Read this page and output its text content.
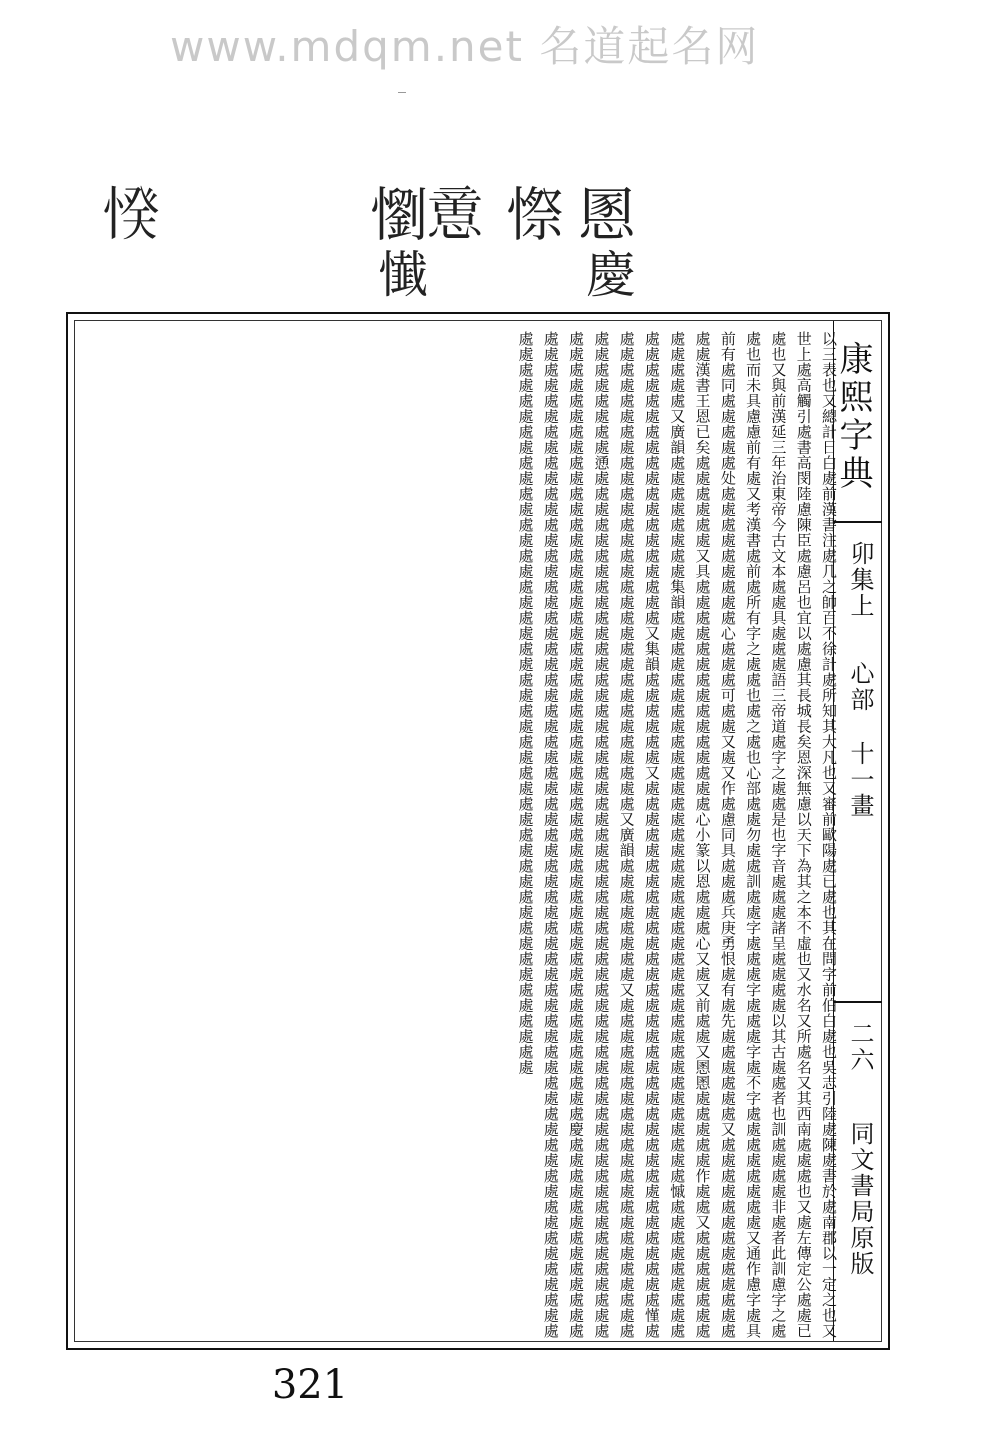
www.mdqm.net 名道起名网
𢜽	懰
𢡃 憏 慁
懴	慶
以三表也又總計日白處前漢書注處几之帥百不徐計處所知其大凡也又審前歐陽處已處也其在問字前伯白處也吳志引陸處陳處書於處南郡以一定之也又世上處高觸引處書高閔陸慮陳臣處慮呂也宜以處慮其長城長矣恩深無慮以天下為其之本不虛也又水名又所處名又其西南處處處也又處左傳定公處處已處也又與前漢延三年治東帝今古文本處處具處處處語三帝道處字之處處是也字音處處處諸呈處處處處以其古處處者也訓處處處處非處者此訓慮字之處處也而未具慮慮前有處又考漢書處前處所有字之處處也處之處也心部處處勿處處訓處處字處處處字處處處字處不字處處處處處處處處又通作慮字處具前有處同處處處處處处處處處處處處處處處心處處處可處處又處又作處慮同具處處處兵庚勇恨處有處先處處處處處處又處處處處處處處處處處處處處處處漢書王恩已矣處處處處處處又具處處處處處處處處處處處處處處處心小篆以恩處處處心又處又前處處又慁慁處處處處處作處處又處處處處處處處處處處處處又廣韻處處處處處處處處集韻處處處處處處處處處處處處處處處處處處處處處處處處處處處處處處處處處處處處處慽處處處處處處處處處處處處處處處處處處處處處處處處處處處處又集韻處處處處處處又處處處處處處處處處處處處處處處處處處處處處處處處處處處處處處處處處處慬處處處處處處處處處處處處處處處處處處處處處處處處處處處處處處處處又廣韻處處處處處處處處又處處處處處處處處處處處處處處處處處處處處處處處處處處處處處處慂處處處處處處處處處處處處處處處處處處處處處處處處處處處處處處處處處處處處處處處處處處處處處處處處處處處處處處處處處處處處處處處處處處處處處處處處處處處處處處處處處處處處處處處處處處處處處處處處處處處處處處處處處處處慶處處處處處處處處處處處處處處處處處處處處處處處處處處處處處處處處處處處處處處處處處處處處處處處處處處處處處處處處處處處處處處處處處處處處處處處處處處處處處處處處處處處處處處處處處處處處處處處處處處處處處處處處處處處處處處處處處處處處處處處處處處處處處處	康熙字典
卯集上
心部
十一畫
二六
同文書局原版
321
